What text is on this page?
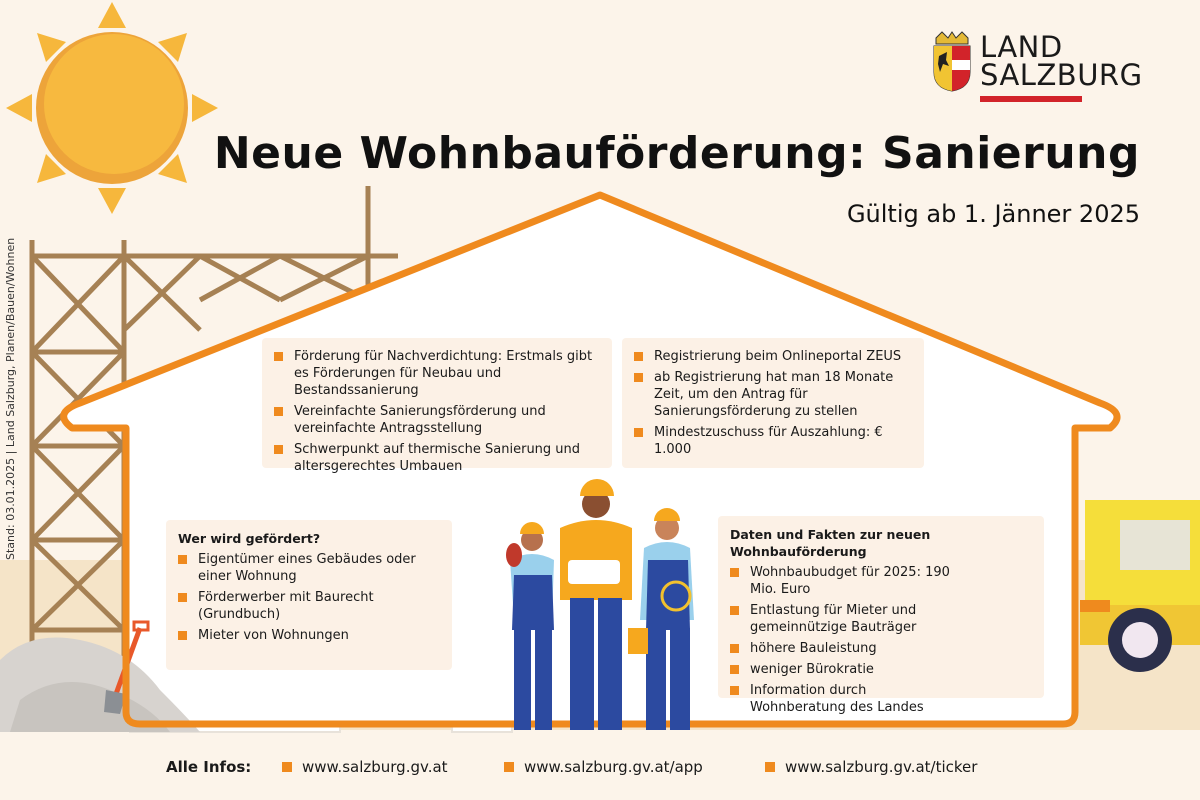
LAND
SALZBURG
Neue Wohnbauförderung: Sanierung

Gültig ab 1. Jänner 2025

Stand: 03.01.2025 | Land Salzburg, Planen/Bauen/Wohnen	Förderung für Nachverdichtung: Erstmals gibt es Förderungen für Neubau und Bestandssanierung
Vereinfachte Sanierungsförderung und vereinfachte Antragsstellung
Schwerpunkt auf thermische Sanierung und altersgerechtes Umbauen
Registrierung beim Onlineportal ZEUS
ab Registrierung hat man 18 Monate Zeit, um den Antrag für Sanierungsförderung zu stellen
Mindestzuschuss für Auszahlung: € 1.000

Wer wird gefördert?

Eigentümer eines Gebäudes oder einer Wohnung
Förderwerber mit Baurecht (Grundbuch)
Mieter von Wohnungen

Daten und Fakten zur neuen Wohnbauförderung

Wohnbaubudget für 2025: 190 Mio. Euro
Entlastung für Mieter und gemeinnützige Bauträger
höhere Bauleistung
weniger Bürokratie
Information durch Wohnberatung des Landes
Alle Infos:	www.salzburg.gv.at	www.salzburg.gv.at/app	www.salzburg.gv.at/ticker
